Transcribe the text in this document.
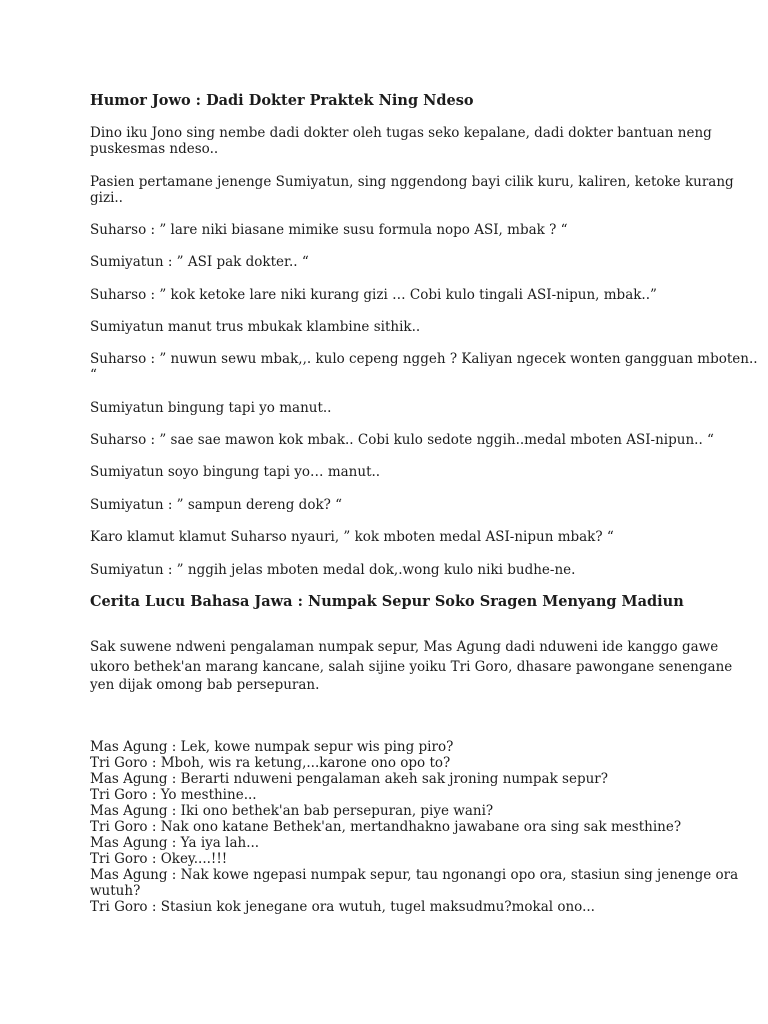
Humor Jowo : Dadi Dokter Praktek Ning Ndeso
Dino iku Jono sing nembe dadi dokter oleh tugas seko kepalane, dadi dokter bantuan neng
puskesmas ndeso..
Pasien pertamane jenenge Sumiyatun, sing nggendong bayi cilik kuru, kaliren, ketoke kurang
gizi..
Suharso : ” lare niki biasane mimike susu formula nopo ASI, mbak ? “
Sumiyatun : ” ASI pak dokter.. “
Suharso : ” kok ketoke lare niki kurang gizi … Cobi kulo tingali ASI-nipun, mbak..”
Sumiyatun manut trus mbukak klambine sithik..
Suharso : ” nuwun sewu mbak,,. kulo cepeng nggeh ? Kaliyan ngecek wonten gangguan mboten..
“
Sumiyatun bingung tapi yo manut..
Suharso : ” sae sae mawon kok mbak.. Cobi kulo sedote nggih..medal mboten ASI-nipun.. “
Sumiyatun soyo bingung tapi yo… manut..
Sumiyatun : ” sampun dereng dok? “
Karo klamut klamut Suharso nyauri, ” kok mboten medal ASI-nipun mbak? “
Sumiyatun : ” nggih jelas mboten medal dok,.wong kulo niki budhe-ne.
Cerita Lucu Bahasa Jawa : Numpak Sepur Soko Sragen Menyang Madiun
Sak suwene ndweni pengalaman numpak sepur, Mas Agung dadi nduweni ide kanggo gawe
ukoro bethek'an marang kancane, salah sijine yoiku Tri Goro, dhasare pawongane senengane
yen dijak omong bab persepuran.
Mas Agung : Lek, kowe numpak sepur wis ping piro?
Tri Goro : Mboh, wis ra ketung,...karone ono opo to?
Mas Agung : Berarti nduweni pengalaman akeh sak jroning numpak sepur?
Tri Goro : Yo mesthine...
Mas Agung : Iki ono bethek'an bab persepuran, piye wani?
Tri Goro : Nak ono katane Bethek'an, mertandhakno jawabane ora sing sak mesthine?
Mas Agung : Ya iya lah...
Tri Goro : Okey....!!!
Mas Agung : Nak kowe ngepasi numpak sepur, tau ngonangi opo ora, stasiun sing jenenge ora
wutuh?
Tri Goro : Stasiun kok jenegane ora wutuh, tugel maksudmu?mokal ono...
